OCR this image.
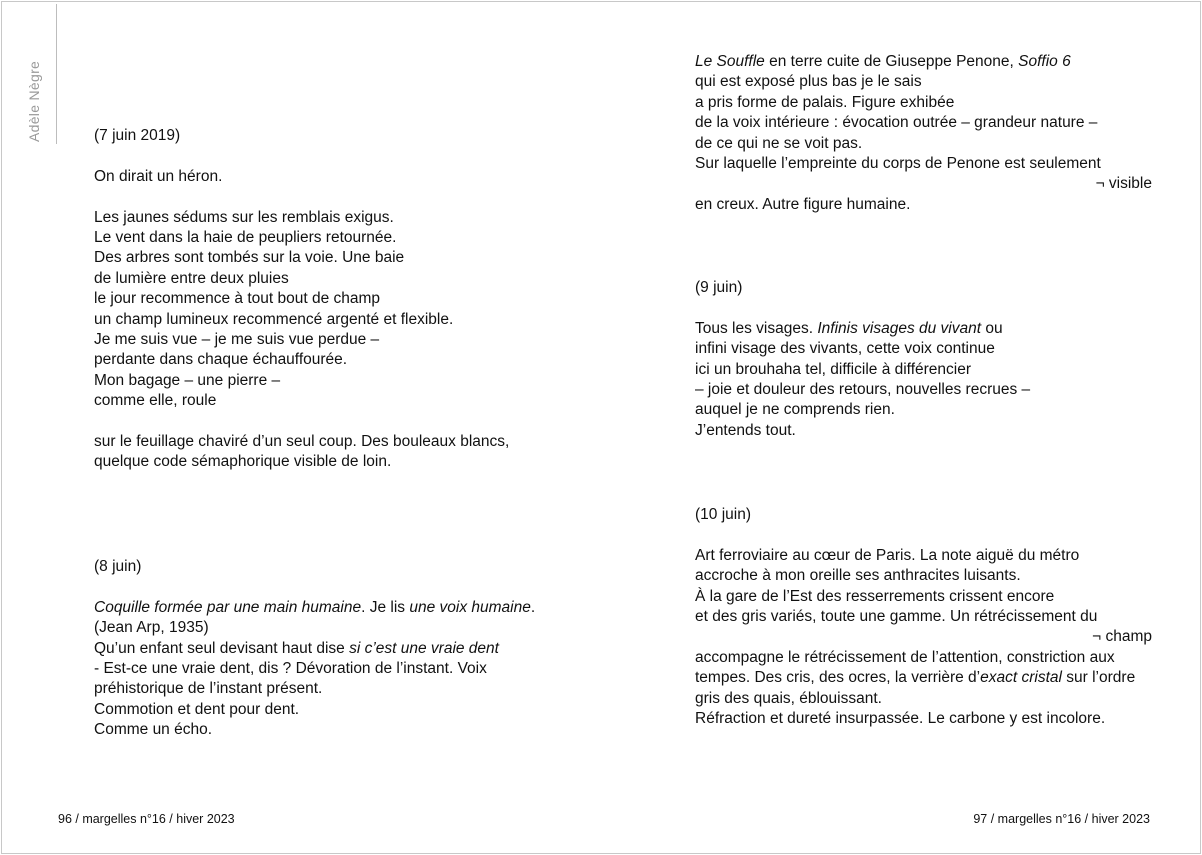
Adèle Nègre	(7 juin 2019)
On dirait un héron.
Les jaunes sédums sur les remblais exigus.
Le vent dans la haie de peupliers retournée.
Des arbres sont tombés sur la voie. Une baie
de lumière entre deux pluies
le jour recommence à tout bout de champ
un champ lumineux recommencé argenté et flexible.
Je me suis vue – je me suis vue perdue –
perdante dans chaque échauffourée.
Mon bagage – une pierre –
comme elle, roule
sur le feuillage chaviré d’un seul coup. Des bouleaux blancs,
quelque code sémaphorique visible de loin.
(8 juin)
Coquille formée par une main humaine. Je lis une voix humaine.
(Jean Arp, 1935)
Qu’un enfant seul devisant haut dise si c’est une vraie dent
- Est-ce une vraie dent, dis ? Dévoration de l’instant. Voix
préhistorique de l’instant présent.
Commotion et dent pour dent.
Comme un écho.
96 / margelles n°16 / hiver 2023
Le Souffle en terre cuite de Giuseppe Penone, Soffio 6
qui est exposé plus bas je le sais
a pris forme de palais. Figure exhibée
de la voix intérieure : évocation outrée – grandeur nature –
de ce qui ne se voit pas.
Sur laquelle l’empreinte du corps de Penone est seulement
¬ visible
en creux. Autre figure humaine.
(9 juin)
Tous les visages. Infinis visages du vivant ou
infini visage des vivants, cette voix continue
ici un brouhaha tel, difficile à différencier
– joie et douleur des retours, nouvelles recrues –
auquel je ne comprends rien.
J’entends tout.
(10 juin)
Art ferroviaire au cœur de Paris. La note aiguë du métro
accroche à mon oreille ses anthracites luisants.
À la gare de l’Est des resserrements crissent encore
et des gris variés, toute une gamme. Un rétrécissement du
¬ champ
accompagne le rétrécissement de l’attention, constriction aux
tempes. Des cris, des ocres, la verrière d’exact cristal sur l’ordre
gris des quais, éblouissant.
Réfraction et dureté insurpassée. Le carbone y est incolore.
97 / margelles n°16 / hiver 2023
